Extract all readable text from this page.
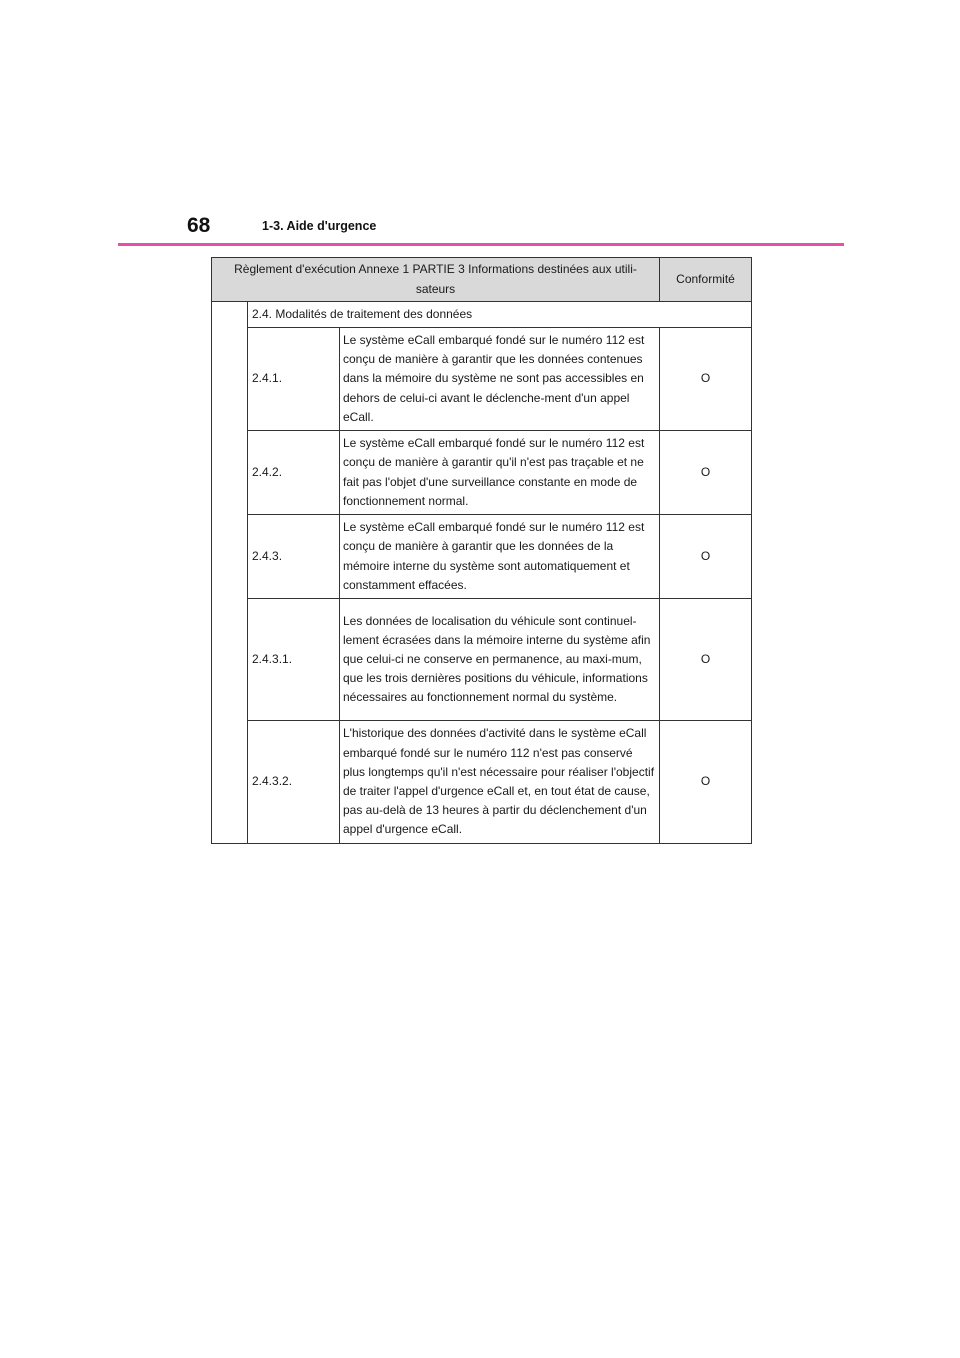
68	1-3. Aide d'urgence
Règlement d'exécution Annexe 1 PARTIE 3 Informations destinées aux utili-sateurs			Conformité
	2.4. Modalités de traitement des données		
	2.4.1.	Le système eCall embarqué fondé sur le numéro 112 est conçu de manière à garantir que les données contenues dans la mémoire du système ne sont pas accessibles en dehors de celui-ci avant le déclenche-ment d'un appel eCall.	O
	2.4.2.	Le système eCall embarqué fondé sur le numéro 112 est conçu de manière à garantir qu'il n'est pas traçable et ne fait pas l'objet d'une surveillance constante en mode de fonctionnement normal.	O
	2.4.3.	Le système eCall embarqué fondé sur le numéro 112 est conçu de manière à garantir que les données de la mémoire interne du système sont automatiquement et constamment effacées.	O
	2.4.3.1.	Les données de localisation du véhicule sont continuel-lement écrasées dans la mémoire interne du système afin que celui-ci ne conserve en permanence, au maxi-mum, que les trois dernières positions du véhicule, informations nécessaires au fonctionnement normal du système.	O
	2.4.3.2.	L'historique des données d'activité dans le système eCall embarqué fondé sur le numéro 112 n'est pas conservé plus longtemps qu'il n'est nécessaire pour réaliser l'objectif de traiter l'appel d'urgence eCall et, en tout état de cause, pas au-delà de 13 heures à partir du déclenchement d'un appel d'urgence eCall.	O
